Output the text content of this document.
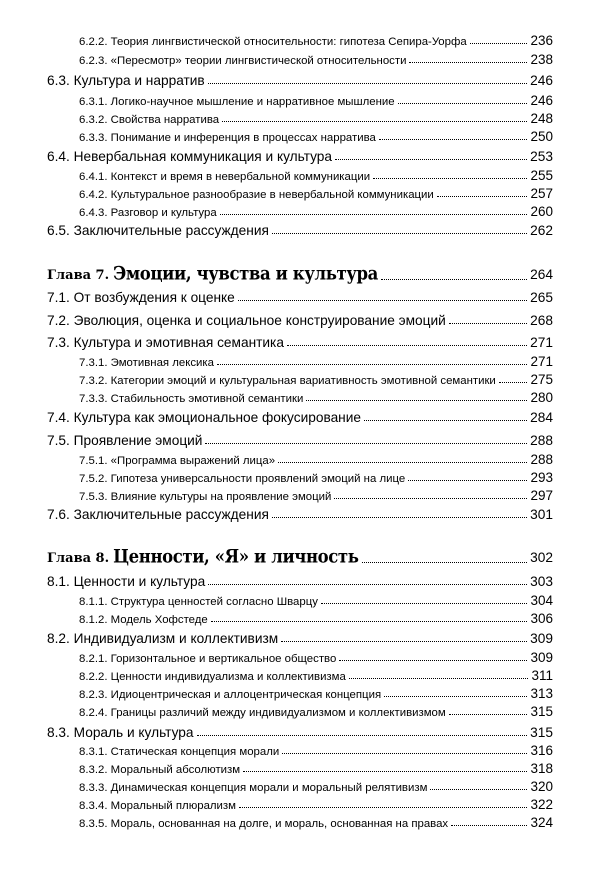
6.2.2. Теория лингвистической относительности: гипотеза Сепира-Уорфа	236
6.2.3. «Пересмотр» теории лингвистической относительности	238
6.3. Культура и нарратив	246
6.3.1. Логико-научное мышление и нарративное мышление	246
6.3.2. Свойства нарратива	248
6.3.3. Понимание и инференция в процессах нарратива	250
6.4. Невербальная коммуникация и культура	253
6.4.1. Контекст и время в невербальной коммуникации	255
6.4.2. Культуральное разнообразие в невербальной коммуникации	257
6.4.3. Разговор и культура	260
6.5. Заключительные рассуждения	262
Глава 7. Эмоции, чувства и культура	264
7.1. От возбуждения к оценке	265
7.2. Эволюция, оценка и социальное конструирование эмоций	268
7.3. Культура и эмотивная семантика	271
7.3.1. Эмотивная лексика	271
7.3.2. Категории эмоций и культуральная вариативность эмотивной семантики	275
7.3.3. Стабильность эмотивной семантики	280
7.4. Культура как эмоциональное фокусирование	284
7.5. Проявление эмоций	288
7.5.1. «Программа выражений лица»	288
7.5.2. Гипотеза универсальности проявлений эмоций на лице	293
7.5.3. Влияние культуры на проявление эмоций	297
7.6. Заключительные рассуждения	301
Глава 8. Ценности, «Я» и личность	302
8.1. Ценности и культура	303
8.1.1. Структура ценностей согласно Шварцу	304
8.1.2. Модель Хофстеде	306
8.2. Индивидуализм и коллективизм	309
8.2.1. Горизонтальное и вертикальное общество	309
8.2.2. Ценности индивидуализма и коллективизма	311
8.2.3. Идиоцентрическая и аллоцентрическая концепция	313
8.2.4. Границы различий между индивидуализмом и коллективизмом	315
8.3. Мораль и культура	315
8.3.1. Статическая концепция морали	316
8.3.2. Моральный абсолютизм	318
8.3.3. Динамическая концепция морали и моральный релятивизм	320
8.3.4. Моральный плюрализм	322
8.3.5. Мораль, основанная на долге, и мораль, основанная на правах	324
